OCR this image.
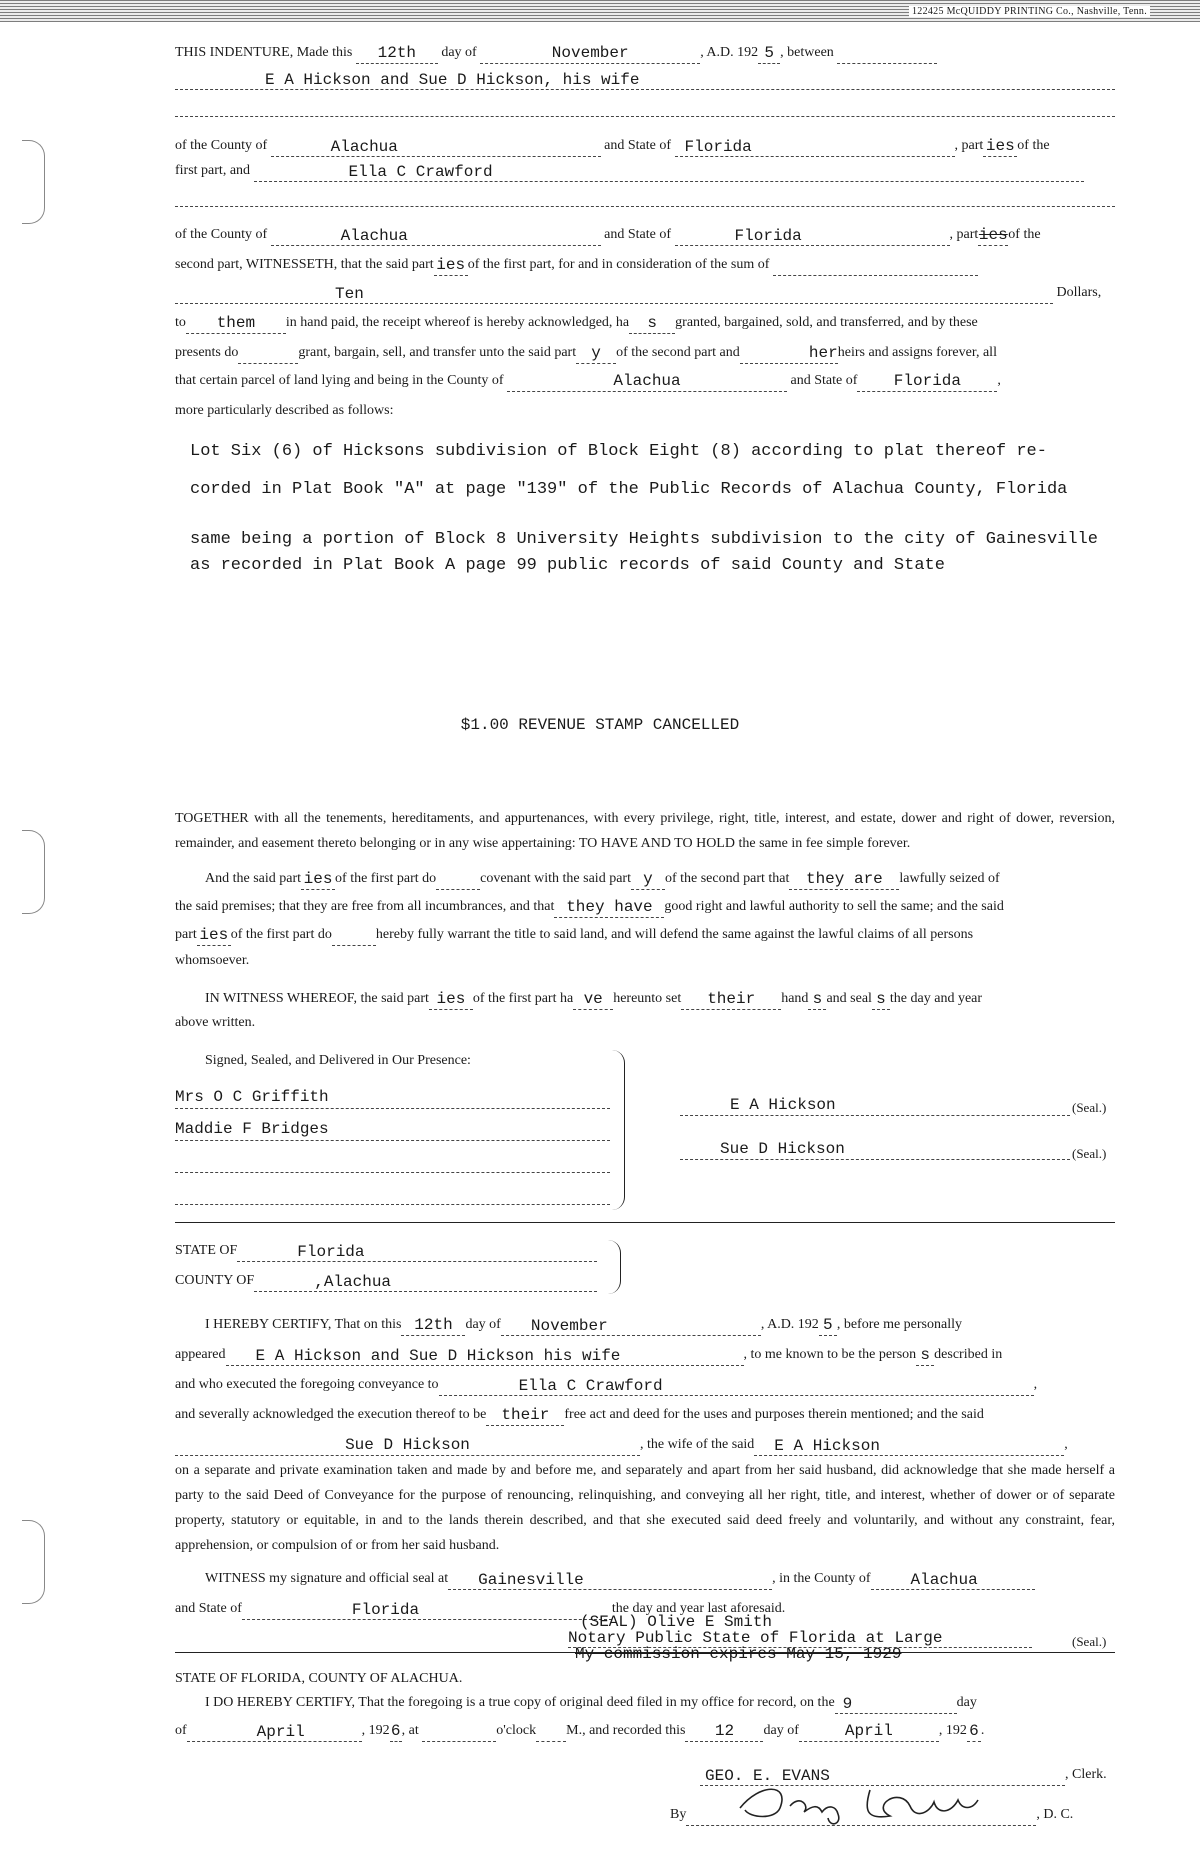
122425 McQUIDDY PRINTING Co., Nashville, Tenn.
THIS INDENTURE, Made this 12th day of	November	, A.D. 192 5 , between
E A Hickson and Sue D Hickson, his wife
of the County of	Alachua	and State of Florida	, part ies of the
first part, and	Ella C Crawford
of the County of	Alachua	and State of	Florida	, partiesof the
second part, WITNESSETH, that the said part ies of the first part, for and in consideration of the sum of
Ten	Dollars,
to them in hand paid, the receipt whereof is hereby acknowledged, ha s granted, bargained, sold, and transferred, and by these
presents do	grant, bargain, sell, and transfer unto the said part y of the second part and	herheirs and assigns forever, all
that certain parcel of land lying and being in the County of	Alachua	and State of Florida	,
more particularly described as follows:
Lot Six (6) of Hicksons subdivision of Block Eight (8) according to plat thereof re-
corded in Plat Book "A" at page "139" of the Public Records of Alachua County, Florida
same being a portion of Block 8 University Heights subdivision to the city of Gainesville
as recorded in Plat Book A page 99 public records of said County and State
$1.00 REVENUE STAMP CANCELLED
TOGETHER with all the tenements, hereditaments, and appurtenances, with every privilege, right, title, interest, and estate, dower and right of dower, reversion, remainder, and easement thereto belonging or in any wise appertaining: TO HAVE AND TO HOLD the same in fee simple forever.
And the said part ies of the first part do	covenant with the said part y of the second part that they are lawfully seized of
the said premises; that they are free from all incumbrances, and that they have good right and lawful authority to sell the same; and the said
part ies of the first part do	hereby fully warrant the title to said land, and will defend the same against the lawful claims of all persons
whomsoever.
IN WITNESS WHEREOF, the said part ies of the first part ha ve hereunto set their hand s and seal s the day and year
above written.
Signed, Sealed, and Delivered in Our Presence:
Mrs O C Griffith
Maddie F Bridges
E A Hickson	(Seal.)
Sue D Hickson	(Seal.)
STATE OF	Florida
COUNTY OF	,Alachua
I HEREBY CERTIFY, That on this 12th day of November	, A.D. 192 5 , before me personally
appeared E A Hickson and Sue D Hickson his wife	, to me known to be the person s described in
and who executed the foregoing conveyance to	Ella C Crawford	,
and severally acknowledged the execution thereof to be their free act and deed for the uses and purposes therein mentioned; and the said
Sue D Hickson	, the wife of the said E A Hickson	,
on a separate and private examination taken and made by and before me, and separately and apart from her said husband, did acknowledge that she made herself a party to the said Deed of Conveyance for the purpose of renouncing, relinquishing, and conveying all her right, title, and interest, whether of dower or of separate property, statutory or equitable, in and to the lands therein described, and that she executed said deed freely and voluntarily, and without any constraint, fear, apprehension, or compulsion of or from her said husband.
WITNESS my signature and official seal at Gainesville	, in the County of	Alachua
and State of	Florida	the day and year last aforesaid.
(SEAL) Olive E Smith
Notary Public State of Florida at Large	(Seal.)
My commission expires May 15, 1929
STATE OF FLORIDA, COUNTY OF ALACHUA.
I DO HEREBY CERTIFY, That the foregoing is a true copy of original deed filed in my office for record, on the 9	day
of	April	, 1926, at	o'clock M., and recorded this 12 day of	April	, 192 6 .
GEO. E. EVANS	, Clerk.
By	, D. C.
